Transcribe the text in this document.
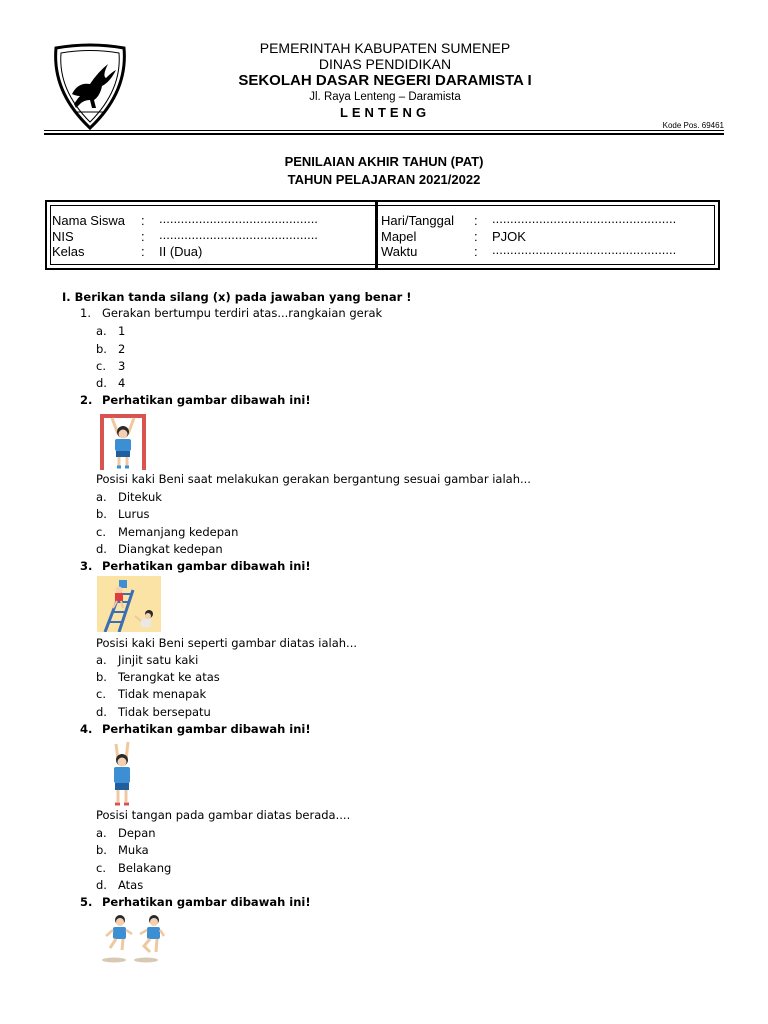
PEMERINTAH KABUPATEN SUMENEP
DINAS PENDIDIKAN
SEKOLAH DASAR NEGERI DARAMISTA I
Jl. Raya Lenteng – Daramista
LENTENG
Kode Pos. 69461
PENILAIAN AKHIR TAHUN (PAT)
TAHUN PELAJARAN 2021/2022
Nama Siswa : ............................................
NIS	: ............................................
Kelas	: II (Dua)
Hari/Tanggal : ...................................................
Mapel	: PJOK
Waktu	: ...................................................
I. Berikan tanda silang (x) pada jawaban yang benar !
1. Gerakan bertumpu terdiri atas...rangkaian gerak
a. 1
b. 2
c. 3
d. 4
2. Perhatikan gambar dibawah ini!
Posisi kaki Beni saat melakukan gerakan bergantung sesuai gambar ialah...
a. Ditekuk
b. Lurus
c. Memanjang kedepan
d. Diangkat kedepan
3. Perhatikan gambar dibawah ini!
Posisi kaki Beni seperti gambar diatas ialah...
a. Jinjit satu kaki
b. Terangkat ke atas
c. Tidak menapak
d. Tidak bersepatu
4. Perhatikan gambar dibawah ini!
Posisi tangan pada gambar diatas berada....
a. Depan
b. Muka
c. Belakang
d. Atas
5. Perhatikan gambar dibawah ini!
